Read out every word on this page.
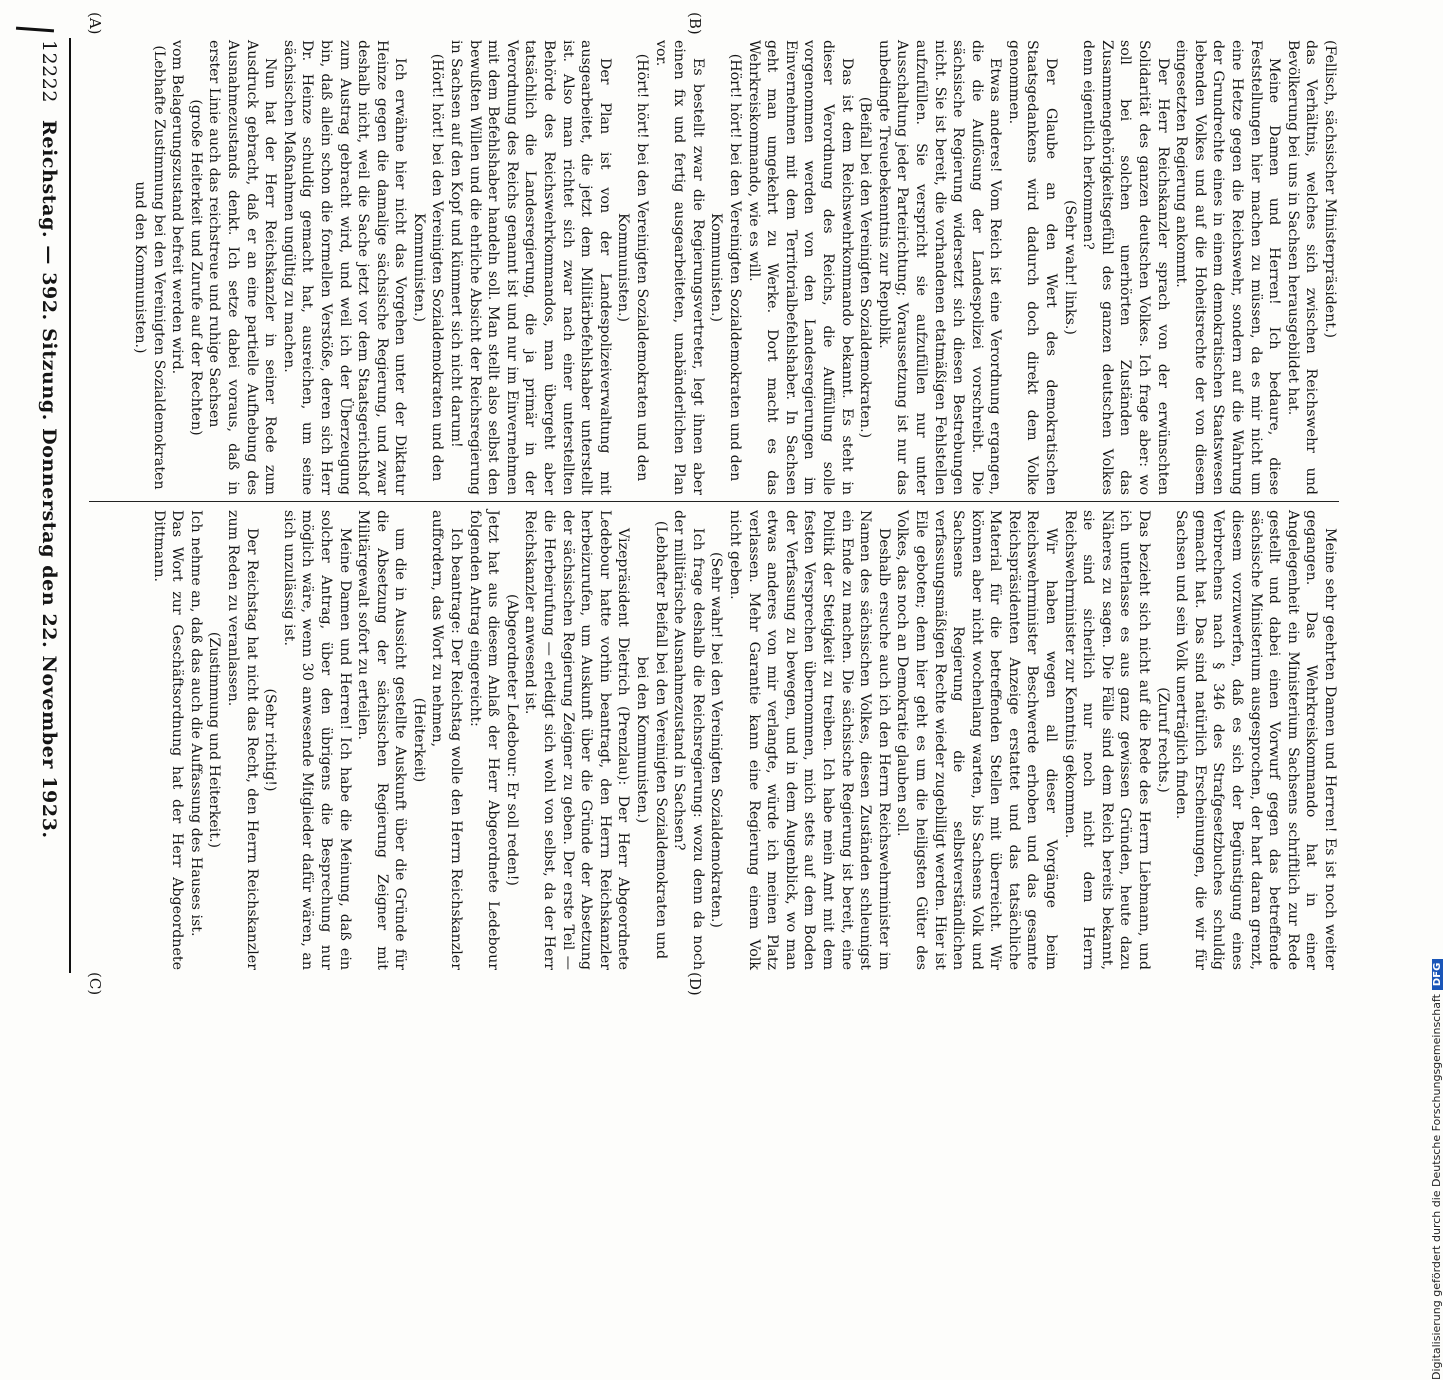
12222
Reichstag. — 392. Sitzung. Donnerstag den 22. November 1923.
(A)	(B)
(C)	(D)

(Fellisch, sächsischer Ministerpräsident.)

das Verhältnis, welches sich zwischen Reichswehr und Bevölkerung bei uns in Sachsen herausgebildet hat.

Meine Damen und Herren! Ich bedaure, diese Feststellungen hier machen zu müssen, da es mir nicht um eine Hetze gegen die Reichswehr, sondern auf die Wahrung der Grundrechte eines in einem demokratischen Staatswesen lebenden Volkes und auf die Hoheitsrechte der von diesem eingesetzten Regierung ankommt.

Der Herr Reichskanzler sprach von der erwünschten Solidarität des ganzen deutschen Volkes. Ich frage aber: wo soll bei solchen unerhörten Zuständen das Zusammengehörigkeitsgefühl des ganzen deutschen Volkes denn eigentlich herkommen?

(Sehr wahr! links.)

Der Glaube an den Wert des demokratischen Staatsgedankens wird dadurch doch direkt dem Volke genommen.

Etwas anderes! Vom Reich ist eine Verordnung ergangen, die die Auflösung der Landespolizei vorschreibt. Die sächsische Regierung widersetzt sich diesen Bestrebungen nicht. Sie ist bereit, die vorhandenen etatmäßigen Fehlstellen aufzufüllen. Sie verspricht sie aufzufüllen nur unter Ausschaltung jeder Parteirichtung; Voraussetzung ist nur das unbedingte Treuebekenntnis zur Republik.

(Beifall bei den Vereinigten Sozialdemokraten.)

Das ist dem Reichswehrkommando bekannt. Es steht in dieser Verordnung des Reichs, die Auffüllung solle vorgenommen werden von den Landesregierungen im Einvernehmen mit dem Territorialbefehlshaber. In Sachsen geht man umgekehrt zu Werke. Dort macht es das Wehrkreiskommando, wie es will.

(Hört! hört! bei den Vereinigten Sozialdemokraten und den Kommunisten.)

Es bestellt zwar die Regierungsvertreter, legt ihnen aber einen fix und fertig ausgearbeiteten, unabänderlichen Plan vor.

(Hört! hört! bei den Vereinigten Sozialdemokraten und den Kommunisten.)

Der Plan ist von der Landespolizeiverwaltung mit ausgearbeitet, die jetzt dem Militärbefehlshaber unterstellt ist. Also man richtet sich zwar nach einer unterstellten Behörde des Reichswehrkommandos, man übergeht aber tatsächlich die Landesregierung, die ja primär in der Verordnung des Reichs genannt ist und nur im Einvernehmen mit dem Befehlshaber handeln soll. Man stellt also selbst den bewußten Willen und die ehrliche Absicht der Reichsregierung in Sachsen auf den Kopf und kümmert sich nicht darum!

(Hört! hört! bei den Vereinigten Sozialdemokraten und den Kommunisten.)

Ich erwähne hier nicht das Vorgehen unter der Diktatur Heinze gegen die damalige sächsische Regierung, und zwar deshalb nicht, weil die Sache jetzt vor dem Staatsgerichtshof zum Austrag gebracht wird, und weil ich der Überzeugung bin, daß allein schon die formellen Verstöße, deren sich Herr Dr. Heinze schuldig gemacht hat, ausreichen, um seine sächsischen Maßnahmen ungültig zu machen.

Nun hat der Herr Reichskanzler in seiner Rede zum Ausdruck gebracht, daß er an eine partielle Aufhebung des Ausnahmezustands denkt. Ich setze dabei voraus, daß in erster Linie auch das reichstreue und ruhige Sachsen

(große Heiterkeit und Zurufe auf der Rechten)

vom Belagerungszustand befreit werden wird.

(Lebhafte Zustimmung bei den Vereinigten Sozialdemokraten und den Kommunisten.)

Meine sehr geehrten Damen und Herren! Es ist noch weiter gegangen. Das Wehrkreiskommando hat in einer Angelegenheit ein Ministerium Sachsens schriftlich zur Rede gestellt und dabei einen Vorwurf gegen das betreffende sächsische Ministerium ausgesprochen, der hart daran grenzt, diesem vorzuwerfen, daß es sich der Begünstigung eines Verbrechens nach § 346 des Strafgesetzbuches schuldig gemacht hat. Das sind natürlich Erscheinungen, die wir für Sachsen und sein Volk unerträglich finden.

(Zuruf rechts.)

Das bezieht sich nicht auf die Rede des Herrn Liebmann, und ich unterlasse es aus ganz gewissen Gründen, heute dazu Näheres zu sagen. Die Fälle sind dem Reich bereits bekannt, sie sind sicherlich nur noch nicht dem Herrn Reichswehrminister zur Kenntnis gekommen.

Wir haben wegen all dieser Vorgänge beim Reichswehrminister Beschwerde erhoben und das gesamte Reichspräsidenten Anzeige erstattet und das tatsächliche Material für die betreffenden Stellen mit überreicht. Wir können aber nicht wochenlang warten, bis Sachsens Volk und Sachsens Regierung die selbstverständlichen verfassungsmäßigen Rechte wieder zugebilligt werden. Hier ist Eile geboten; denn hier geht es um die heiligsten Güter des Volkes, das noch an Demokratie glauben soll.

Deshalb ersuche auch ich den Herrn Reichswehrminister im Namen des sächsischen Volkes, diesen Zuständen schleunigst ein Ende zu machen. Die sächsische Regierung ist bereit, eine Politik der Stetigkeit zu treiben. Ich habe mein Amt mit dem festen Versprechen übernommen, mich stets auf dem Boden der Verfassung zu bewegen, und in dem Augenblick, wo man etwas anderes von mir verlangte, würde ich meinen Platz verlassen. Mehr Garantie kann eine Regierung einem Volk nicht geben.

(Sehr wahr! bei den Vereinigten Sozialdemokraten.)

Ich frage deshalb die Reichsregierung: wozu denn da noch der militärische Ausnahmezustand in Sachsen?

(Lebhafter Beifall bei den Vereinigten Sozialdemokraten und bei den Kommunisten.)

Vizepräsident Dietrich (Prenzlau): Der Herr Abgeordnete Ledebour hatte vorhin beantragt, den Herrn Reichskanzler herbeizurufen, um Auskunft über die Gründe der Absetzung der sächsischen Regierung Zeigner zu geben. Der erste Teil — die Herbeirufung — erledigt sich wohl von selbst, da der Herr Reichskanzler anwesend ist.

(Abgeordneter Ledebour: Er soll reden!)

Jetzt hat aus diesem Anlaß der Herr Abgeordnete Ledebour folgenden Antrag eingereicht:

Ich beantrage: Der Reichstag wolle den Herrn Reichskanzler auffordern, das Wort zu nehmen,

(Heiterkeit)

um die in Aussicht gestellte Auskunft über die Gründe für die Absetzung der sächsischen Regierung Zeigner mit Militärgewalt sofort zu erteilen.

Meine Damen und Herren! Ich habe die Meinung, daß ein solcher Antrag, über den übrigens die Besprechung nur möglich wäre, wenn 30 anwesende Mitglieder dafür wären, an sich unzulässig ist.

(Sehr richtig!)

Der Reichstag hat nicht das Recht, den Herrn Reichskanzler zum Reden zu veranlassen.

(Zustimmung und Heiterkeit.)

Ich nehme an, daß das auch die Auffassung des Hauses ist.

Das Wort zur Geschäftsordnung hat der Herr Abgeordnete Dittmann.

Digitalisierung gefördert durch die Deutsche ForschungsgemeinschaftDFG
